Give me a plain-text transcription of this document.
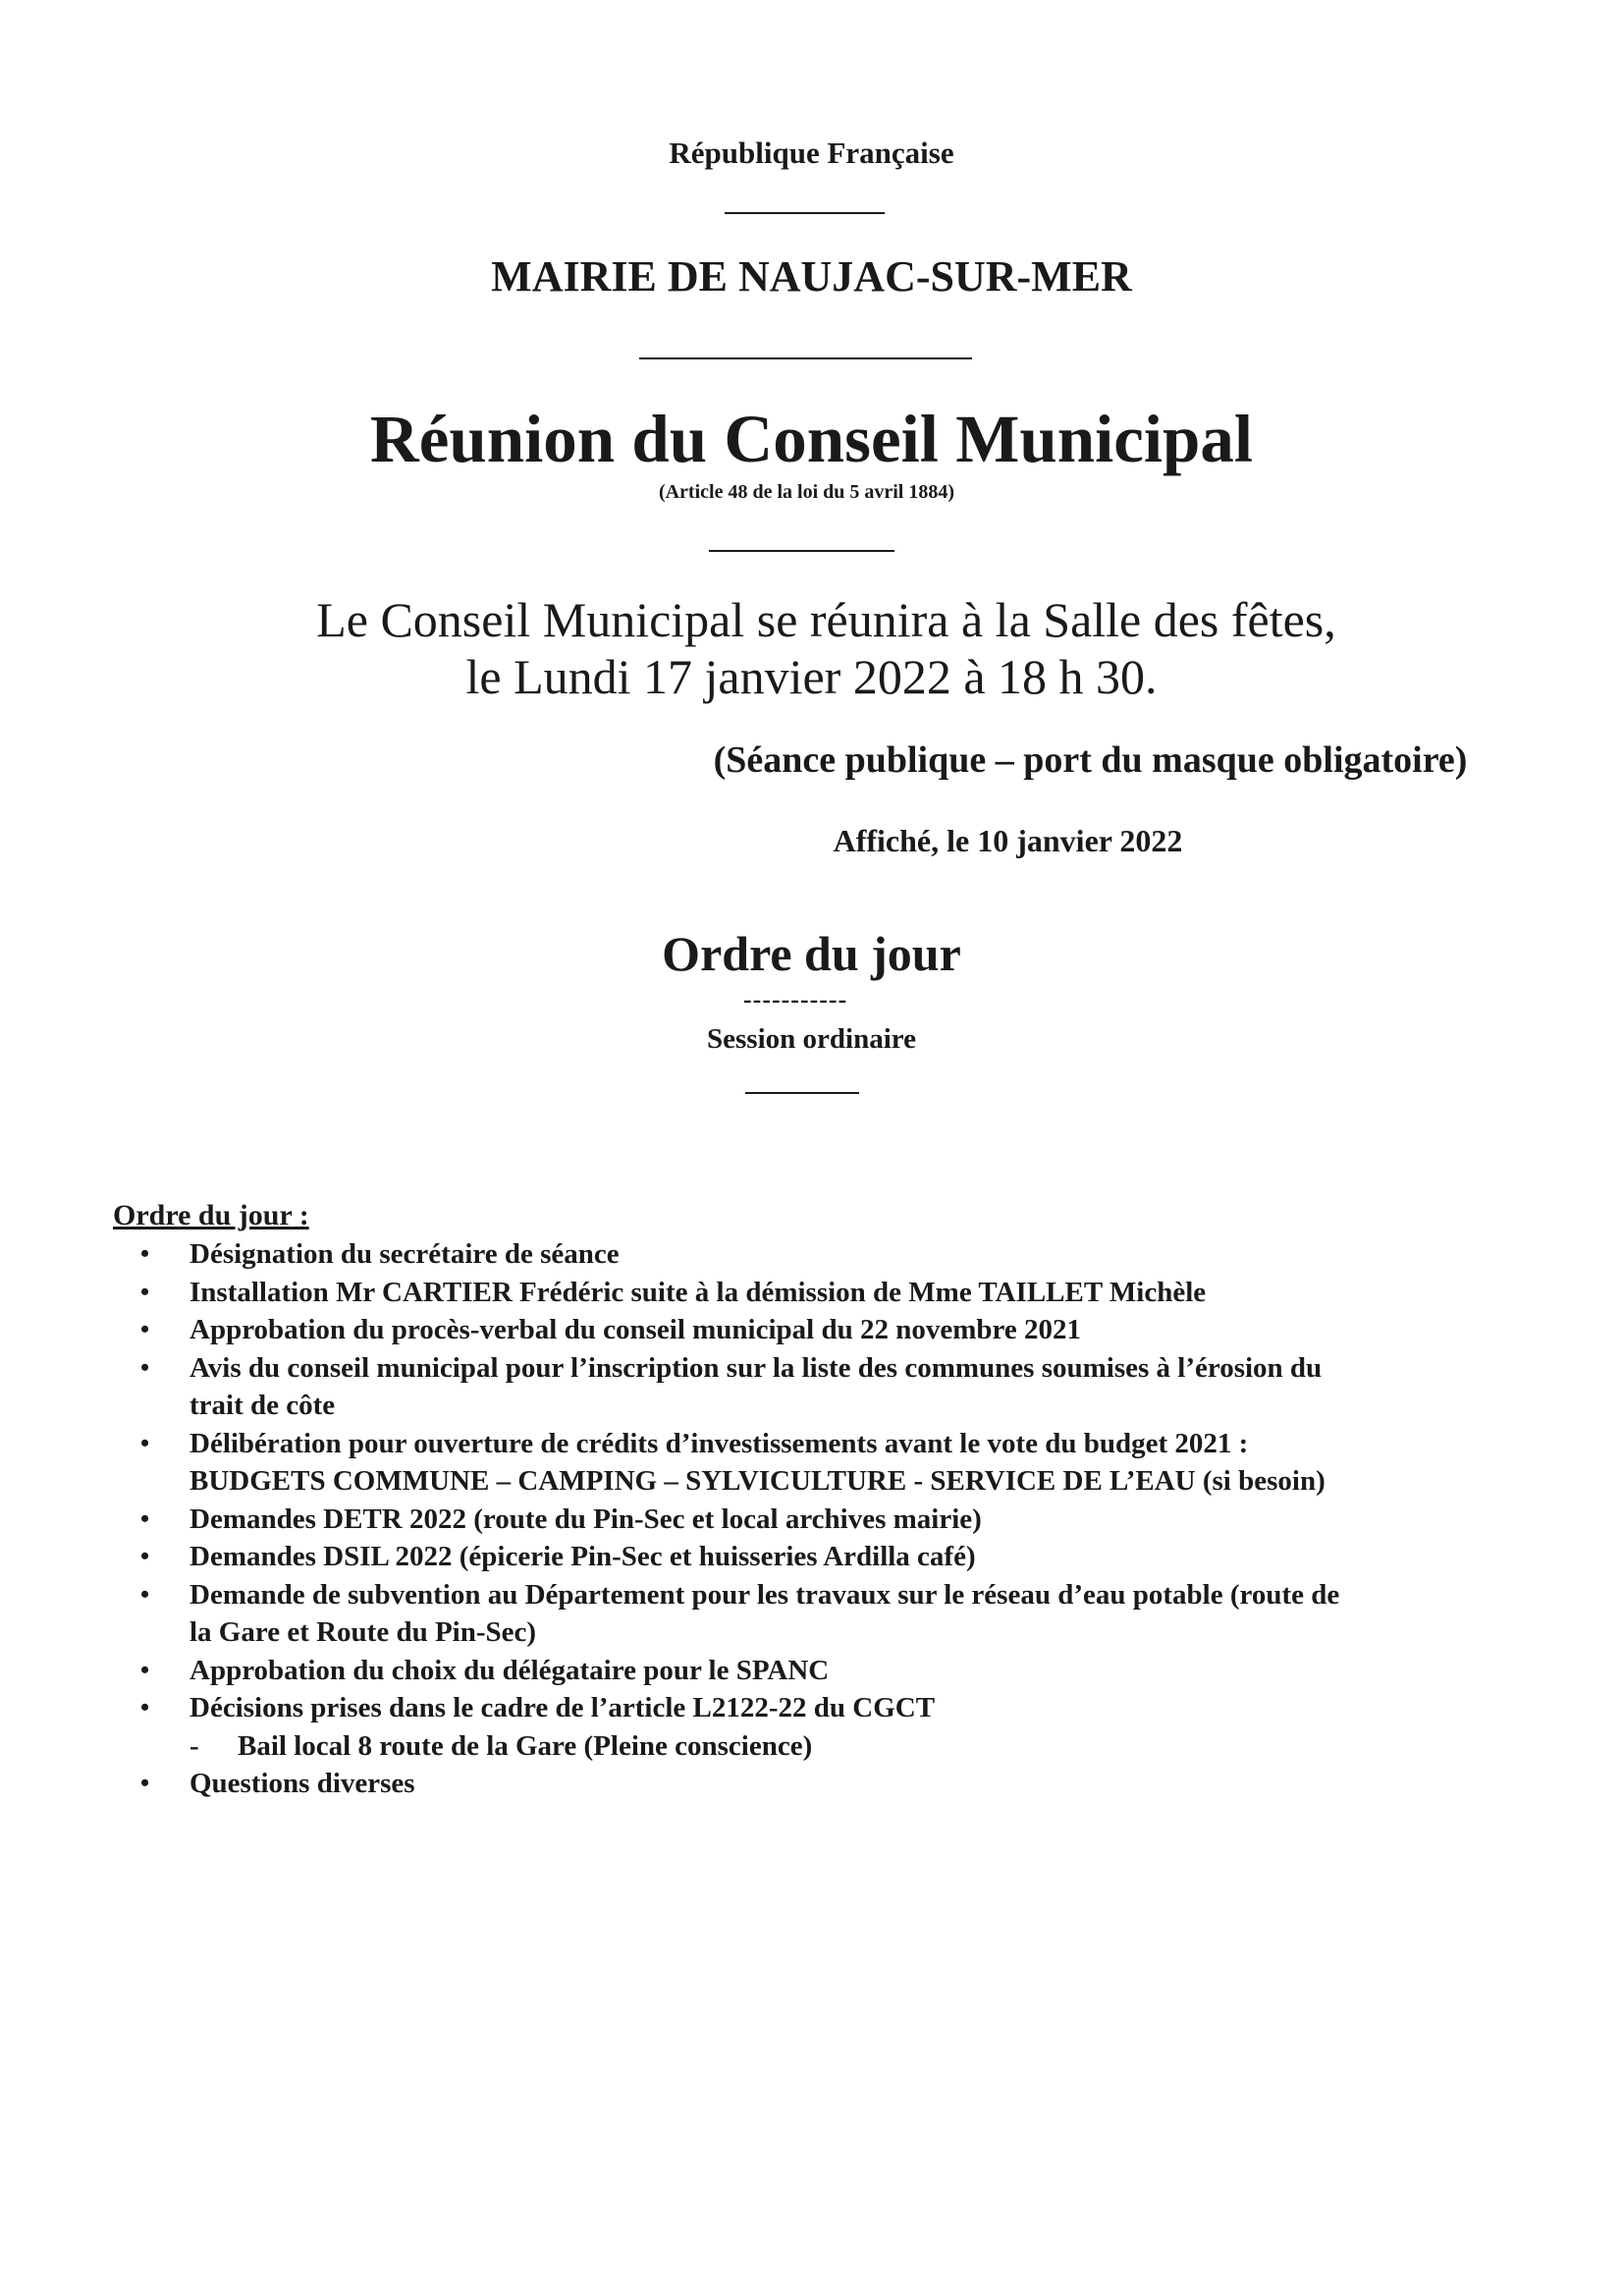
République Française
MAIRIE DE NAUJAC-SUR-MER
Réunion du Conseil Municipal
(Article 48 de la loi du 5 avril 1884)
Le Conseil Municipal se réunira à la Salle des fêtes,
le Lundi 17 janvier 2022 à 18 h 30.
(Séance publique – port du masque obligatoire)
Affiché, le 10 janvier 2022
Ordre du jour
-----------
Session ordinaire
Ordre du jour :
• Désignation du secrétaire de séance
• Installation Mr CARTIER Frédéric suite à la démission de Mme TAILLET Michèle
• Approbation du procès-verbal du conseil municipal du 22 novembre 2021
• Avis du conseil municipal pour l’inscription sur la liste des communes soumises à l’érosion du
trait de côte
• Délibération pour ouverture de crédits d’investissements avant le vote du budget 2021 :
BUDGETS COMMUNE – CAMPING – SYLVICULTURE - SERVICE DE L’EAU (si besoin)
• Demandes DETR 2022 (route du Pin-Sec et local archives mairie)
• Demandes DSIL 2022 (épicerie Pin-Sec et huisseries Ardilla café)
• Demande de subvention au Département pour les travaux sur le réseau d’eau potable (route de
la Gare et Route du Pin-Sec)
• Approbation du choix du délégataire pour le SPANC
• Décisions prises dans le cadre de l’article L2122-22 du CGCT
- Bail local 8 route de la Gare (Pleine conscience)
• Questions diverses
